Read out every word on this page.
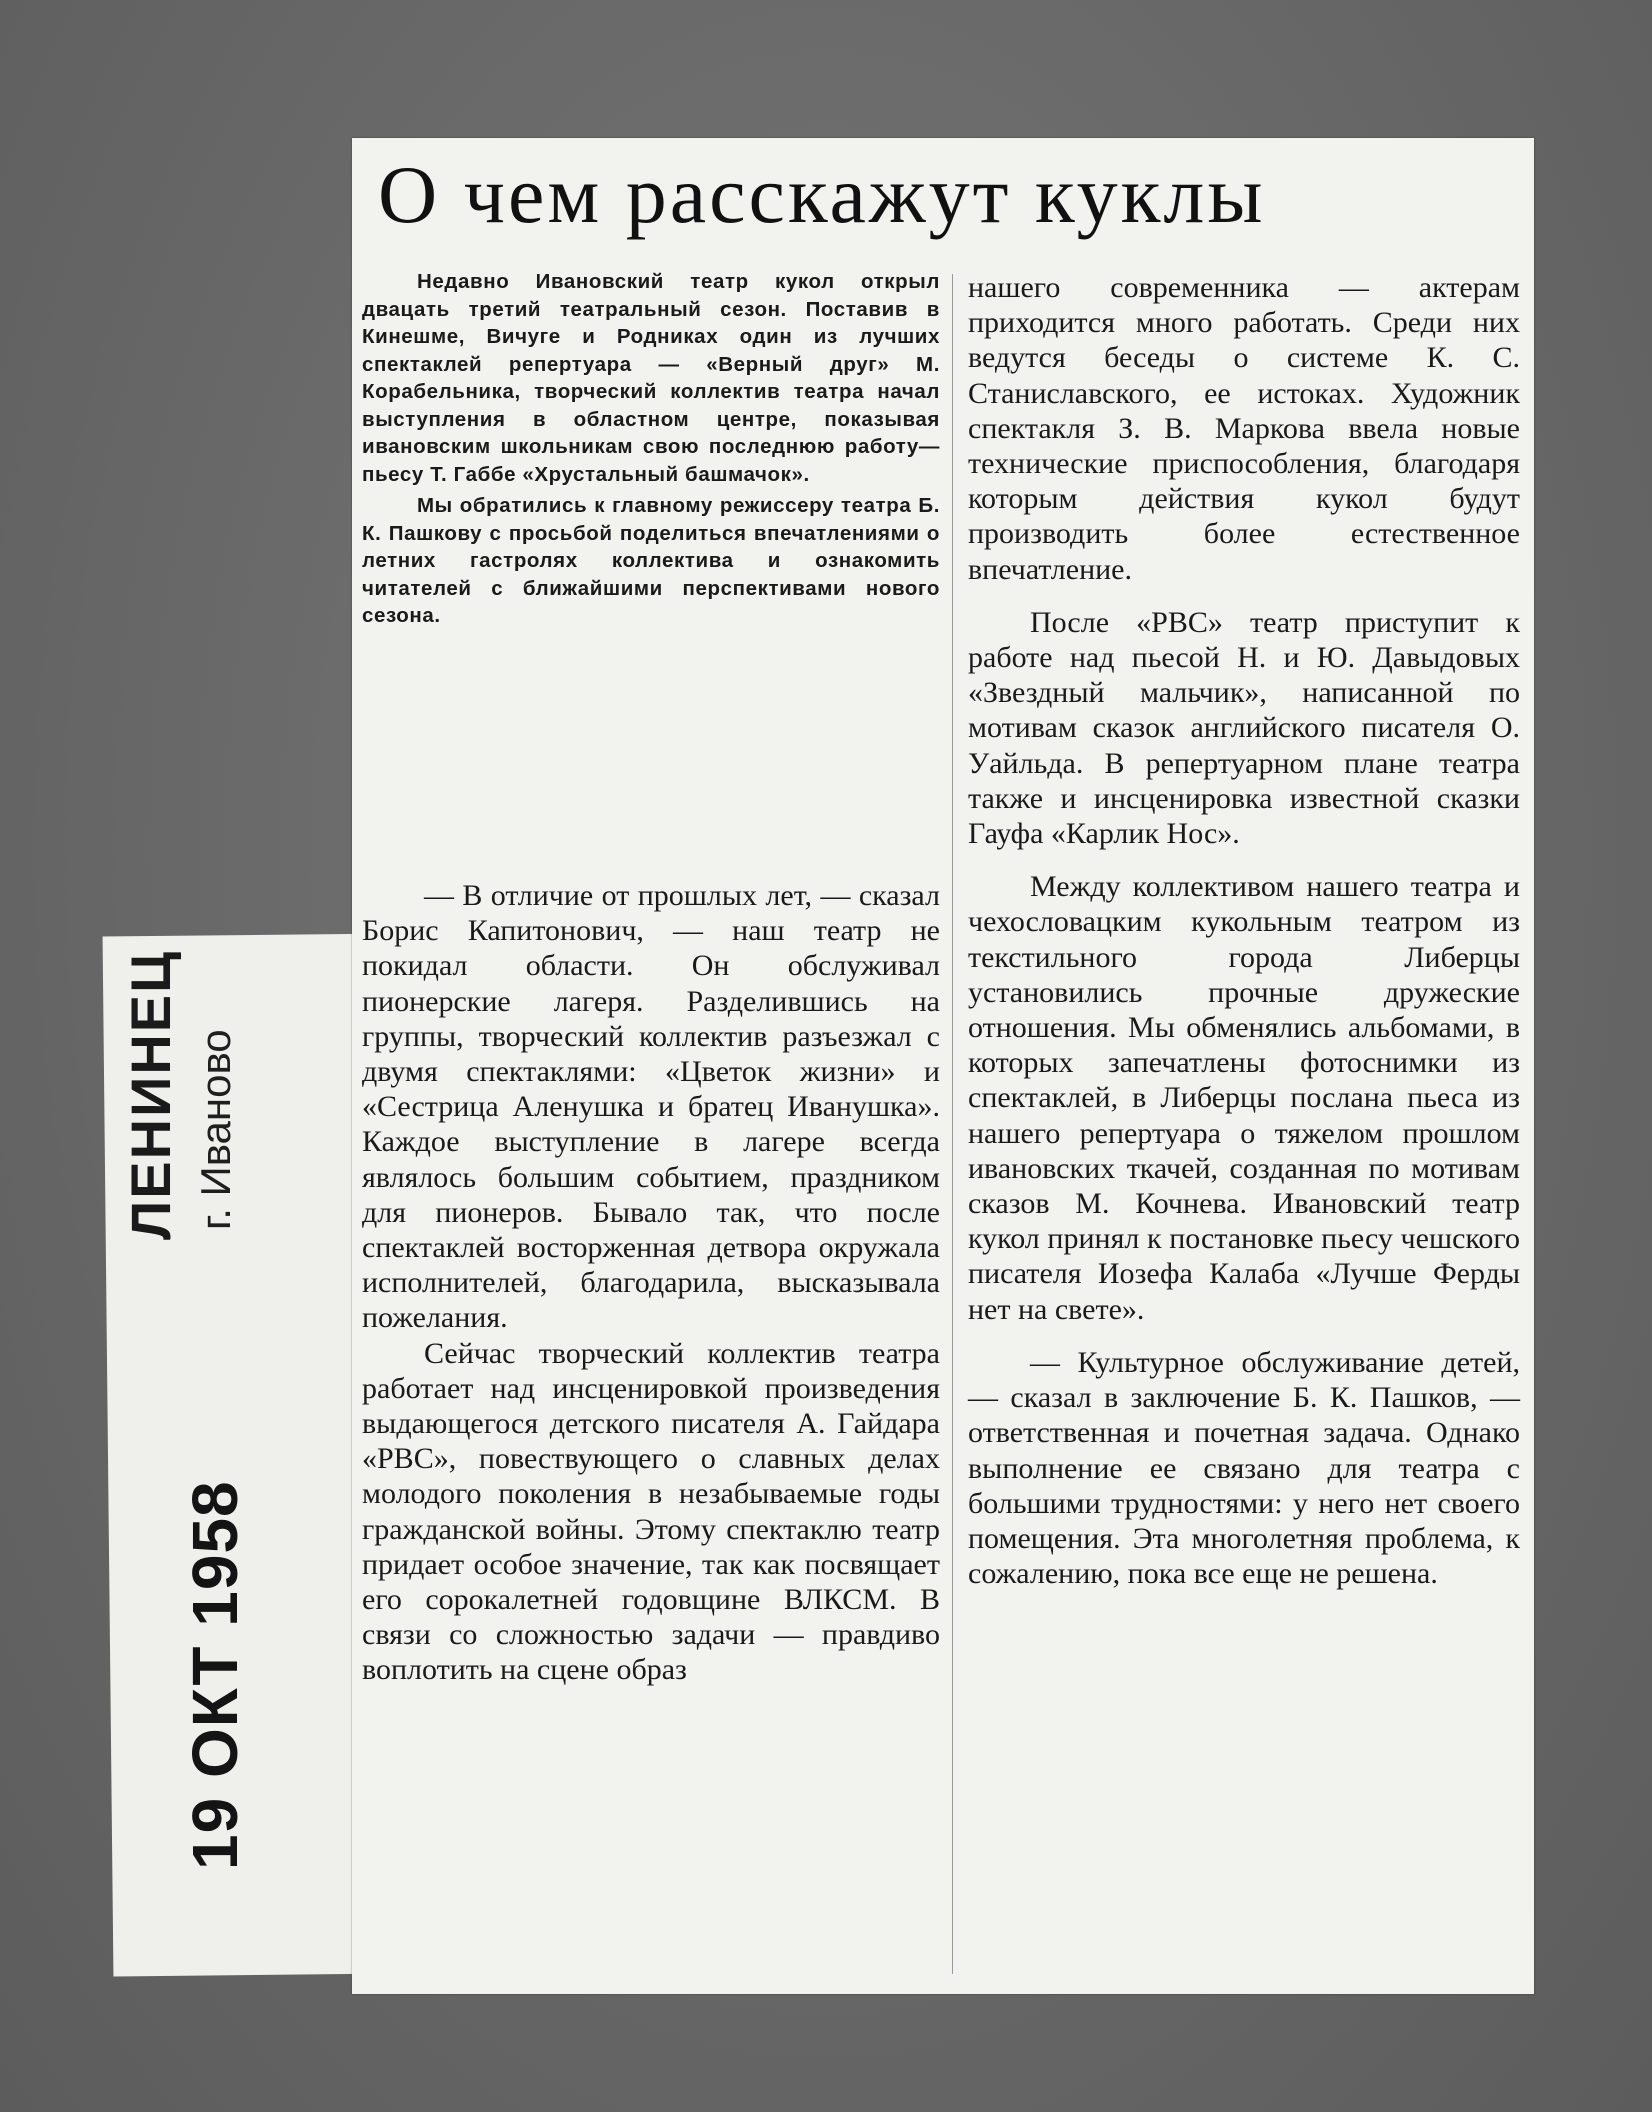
ЛЕНИНЕЦ г. Иваново
19 ОКТ 1958
О чем расскажут куклы

Недавно Ивановский театр кукол открыл двацать третий театральный сезон. Поставив в Кинешме, Вичуге и Родниках один из лучших спектаклей репертуара — «Верный друг» М. Корабельника, творческий коллектив театра начал выступления в областном центре, показывая ивановским школьникам свою последнюю работу—пьесу Т. Габбе «Хрустальный башмачок».

Мы обратились к главному режиссеру театра Б. К. Пашкову с просьбой поделиться впечатлениями о летних гастролях коллектива и ознакомить читателей с ближайшими перспективами нового сезона.

— В отличие от прошлых лет, — сказал Борис Капитонович, — наш театр не покидал области. Он обслуживал пионерские лагеря. Разделившись на группы, творческий коллектив разъезжал с двумя спектаклями: «Цветок жизни» и «Сестрица Аленушка и братец Иванушка». Каждое выступление в лагере всегда являлось большим событием, праздником для пионеров. Бывало так, что после спектаклей восторженная детвора окружала исполнителей, благодарила, высказывала пожелания.

Сейчас творческий коллектив театра работает над инсценировкой произведения выдающегося детского писателя А. Гайдара «РВС», повествующего о славных делах молодого поколения в незабываемые годы гражданской войны. Этому спектаклю театр придает особое значение, так как посвящает его сорокалетней годовщине ВЛКСМ. В связи со сложностью задачи — правдиво воплотить на сцене образ

нашего современника — актерам приходится много работать. Среди них ведутся беседы о системе К. С. Станиславского, ее истоках. Художник спектакля З. В. Маркова ввела новые технические приспособления, благодаря которым действия кукол будут производить более естественное впечатление.

После «РВС» театр приступит к работе над пьесой Н. и Ю. Давыдовых «Звездный мальчик», написанной по мотивам сказок английского писателя О. Уайльда. В репертуарном плане театра также и инсценировка известной сказки Гауфа «Карлик Нос».

Между коллективом нашего театра и чехословацким кукольным театром из текстильного города Либерцы установились прочные дружеские отношения. Мы обменялись альбомами, в которых запечатлены фотоснимки из спектаклей, в Либерцы послана пьеса из нашего репертуара о тяжелом прошлом ивановских ткачей, созданная по мотивам сказов М. Кочнева. Ивановский театр кукол принял к постановке пьесу чешского писателя Иозефа Калаба «Лучше Ферды нет на свете».

— Культурное обслуживание детей, — сказал в заключение Б. К. Пашков, — ответственная и почетная задача. Однако выполнение ее связано для театра с большими трудностями: у него нет своего помещения. Эта многолетняя проблема, к сожалению, пока все еще не решена.
